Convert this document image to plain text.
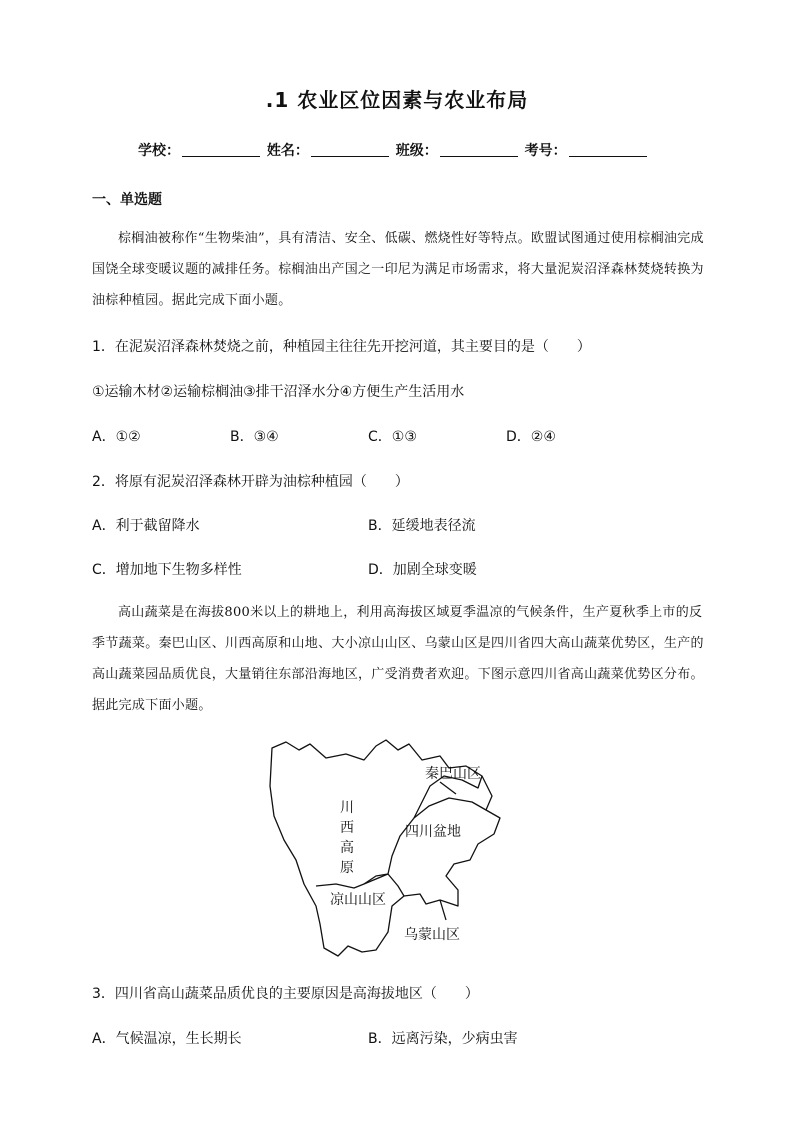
.1 农业区位因素与农业布局
学校：	姓名：	班级：	考号：
一、单选题
棕榈油被称作“生物柴油”，具有清洁、安全、低碳、燃烧性好等特点。欧盟试图通过使用棕榈油完成国饶全球变暖议题的减排任务。棕榈油出产国之一印尼为满足市场需求，将大量泥炭沼泽森林焚烧转换为油棕种植园。据此完成下面小题。
1．在泥炭沼泽森林焚烧之前，种植园主往往先开挖河道，其主要目的是（　　）
①运输木材②运输棕榈油③排干沼泽水分④方便生产生活用水
A．①②	B．③④	C．①③	D．②④
2．将原有泥炭沼泽森林开辟为油棕种植园（　　）
A．利于截留降水	B．延缓地表径流
C．增加地下生物多样性	D．加剧全球变暖
高山蔬菜是在海拔800米以上的耕地上，利用高海拔区域夏季温凉的气候条件，生产夏秋季上市的反季节蔬菜。秦巴山区、川西高原和山地、大小凉山山区、乌蒙山区是四川省四大高山蔬菜优势区，生产的高山蔬菜园品质优良，大量销往东部沿海地区，广受消费者欢迎。下图示意四川省高山蔬菜优势区分布。据此完成下面小题。
秦巴山区
四川盆地
川
西
高
原
凉山山区
乌蒙山区
3．四川省高山蔬菜品质优良的主要原因是高海拔地区（　　）
A．气候温凉，生长期长	B．远离污染，少病虫害
